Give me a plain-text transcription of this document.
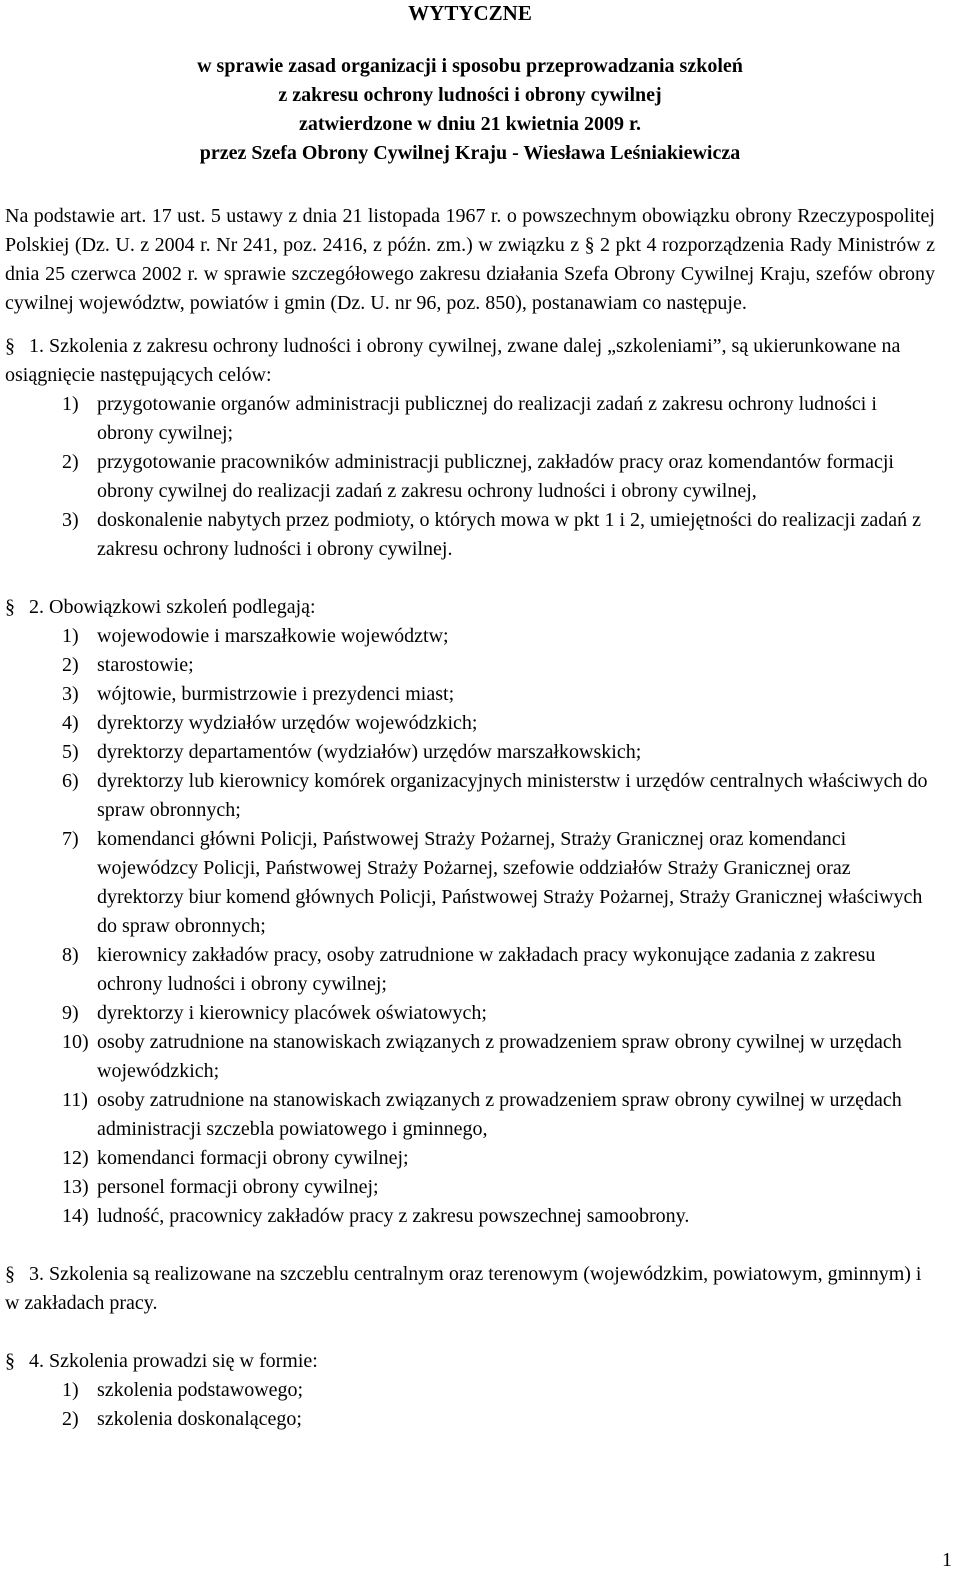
WYTYCZNE
w sprawie zasad organizacji i sposobu przeprowadzania szkoleń
z zakresu ochrony ludności i obrony cywilnej
zatwierdzone w dniu 21 kwietnia 2009 r.
przez Szefa Obrony Cywilnej Kraju - Wiesława Leśniakiewicza

Na podstawie art. 17 ust. 5 ustawy z dnia 21 listopada 1967 r. o powszechnym obowiązku obrony Rzeczypospolitej Polskiej (Dz. U. z 2004 r. Nr 241, poz. 2416, z późn. zm.) w związku z § 2 pkt 4 rozporządzenia Rady Ministrów z dnia 25 czerwca 2002 r. w sprawie szczegółowego zakresu działania Szefa Obrony Cywilnej Kraju, szefów obrony cywilnej województw, powiatów i gmin (Dz. U. nr 96, poz. 850), postanawiam co następuje.

§ 1. Szkolenia z zakresu ochrony ludności i obrony cywilnej, zwane dalej „szkoleniami”, są ukierunkowane na osiągnięcie następujących celów:

1) przygotowanie organów administracji publicznej do realizacji zadań z zakresu ochrony ludności i obrony cywilnej;
2) przygotowanie pracowników administracji publicznej, zakładów pracy oraz komendantów formacji obrony cywilnej do realizacji zadań z zakresu ochrony ludności i obrony cywilnej,
3) doskonalenie nabytych przez podmioty, o których mowa w pkt 1 i 2, umiejętności do realizacji zadań z zakresu ochrony ludności i obrony cywilnej.

§ 2. Obowiązkowi szkoleń podlegają:

1) wojewodowie i marszałkowie województw;
2) starostowie;
3) wójtowie, burmistrzowie i prezydenci miast;
4) dyrektorzy wydziałów urzędów wojewódzkich;
5) dyrektorzy departamentów (wydziałów) urzędów marszałkowskich;
6) dyrektorzy lub kierownicy komórek organizacyjnych ministerstw i urzędów centralnych właściwych do spraw obronnych;
7) komendanci główni Policji, Państwowej Straży Pożarnej, Straży Granicznej oraz komendanci wojewódzcy Policji, Państwowej Straży Pożarnej, szefowie oddziałów Straży Granicznej oraz dyrektorzy biur komend głównych Policji, Państwowej Straży Pożarnej, Straży Granicznej właściwych do spraw obronnych;
8) kierownicy zakładów pracy, osoby zatrudnione w zakładach pracy wykonujące zadania z zakresu ochrony ludności i obrony cywilnej;
9) dyrektorzy i kierownicy placówek oświatowych;
10) osoby zatrudnione na stanowiskach związanych z prowadzeniem spraw obrony cywilnej w urzędach wojewódzkich;
11) osoby zatrudnione na stanowiskach związanych z prowadzeniem spraw obrony cywilnej w urzędach administracji szczebla powiatowego i gminnego,
12) komendanci formacji obrony cywilnej;
13) personel formacji obrony cywilnej;
14) ludność, pracownicy zakładów pracy z zakresu powszechnej samoobrony.

§ 3. Szkolenia są realizowane na szczeblu centralnym oraz terenowym (wojewódzkim, powiatowym, gminnym) i w zakładach pracy.

§ 4. Szkolenia prowadzi się w formie:

1) szkolenia podstawowego;
2) szkolenia doskonalącego;
1
